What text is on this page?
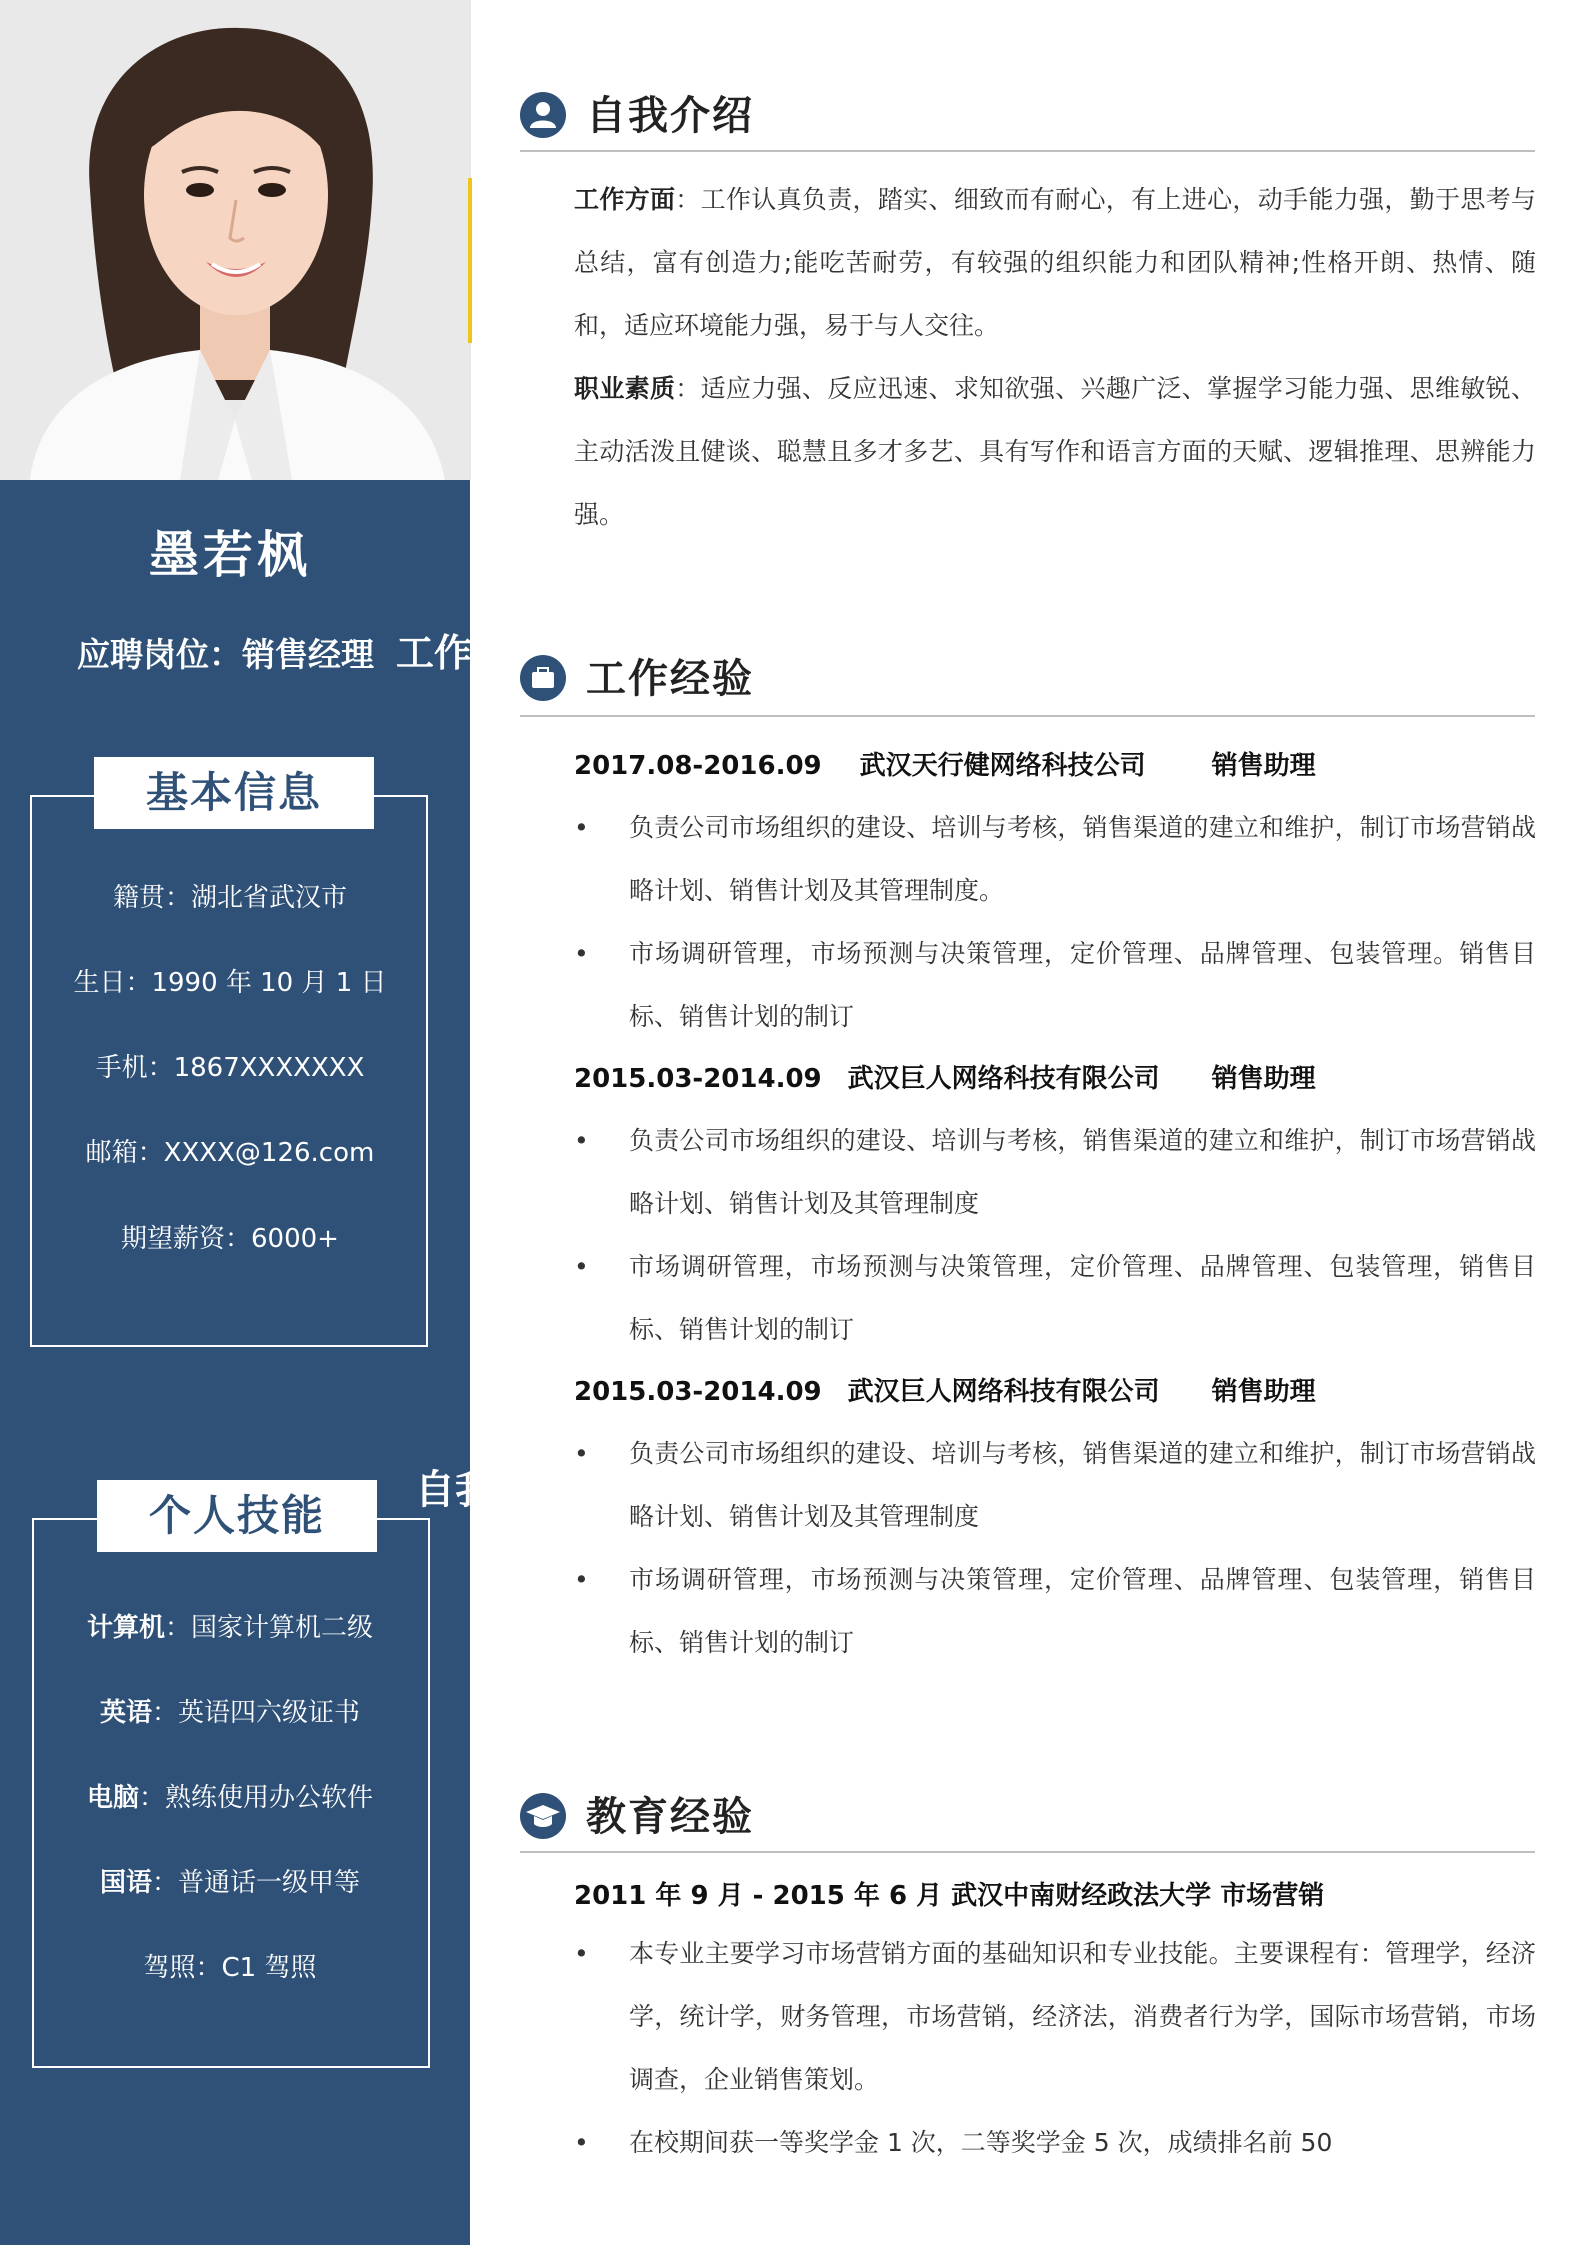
墨若枫
应聘岗位：销售经理 工作
自我
基本信息
籍贯：湖北省武汉市
生日：1990 年 10 月 1 日
手机：1867XXXXXXX
邮箱：XXXX@126.com
期望薪资：6000+
个人技能
计算机：国家计算机二级
英语：英语四六级证书
电脑：熟练使用办公软件
国语：普通话一级甲等
驾照：C1 驾照
自我介绍
工作方面：工作认真负责，踏实、细致而有耐心，有上进心，动手能力强，勤于思考与总结，富有创造力;能吃苦耐劳，有较强的组织能力和团队精神;性格开朗、热情、随和，适应环境能力强，易于与人交往。
职业素质：适应力强、反应迅速、求知欲强、兴趣广泛、掌握学习能力强、思维敏锐、主动活泼且健谈、聪慧且多才多艺、具有写作和语言方面的天赋、逻辑推理、思辨能力强。
工作经验
2017.08-2016.09 武汉天行健网络科技公司	销售助理
•	负责公司市场组织的建设、培训与考核，销售渠道的建立和维护，制订市场营销战略计划、销售计划及其管理制度。
•	市场调研管理，市场预测与决策管理，定价管理、品牌管理、包装管理。销售目标、销售计划的制订
2015.03-2014.09 武汉巨人网络科技有限公司 销售助理
•	负责公司市场组织的建设、培训与考核，销售渠道的建立和维护，制订市场营销战略计划、销售计划及其管理制度
•	市场调研管理，市场预测与决策管理，定价管理、品牌管理、包装管理，销售目标、销售计划的制订
2015.03-2014.09 武汉巨人网络科技有限公司 销售助理
•	负责公司市场组织的建设、培训与考核，销售渠道的建立和维护，制订市场营销战略计划、销售计划及其管理制度
•	市场调研管理，市场预测与决策管理，定价管理、品牌管理、包装管理，销售目标、销售计划的制订
教育经验
2011 年 9 月 - 2015 年 6 月 武汉中南财经政法大学 市场营销
•	本专业主要学习市场营销方面的基础知识和专业技能。主要课程有：管理学，经济学，统计学，财务管理，市场营销，经济法，消费者行为学，国际市场营销，市场调查，企业销售策划。
•	在校期间获一等奖学金 1 次，二等奖学金 5 次，成绩排名前 50
